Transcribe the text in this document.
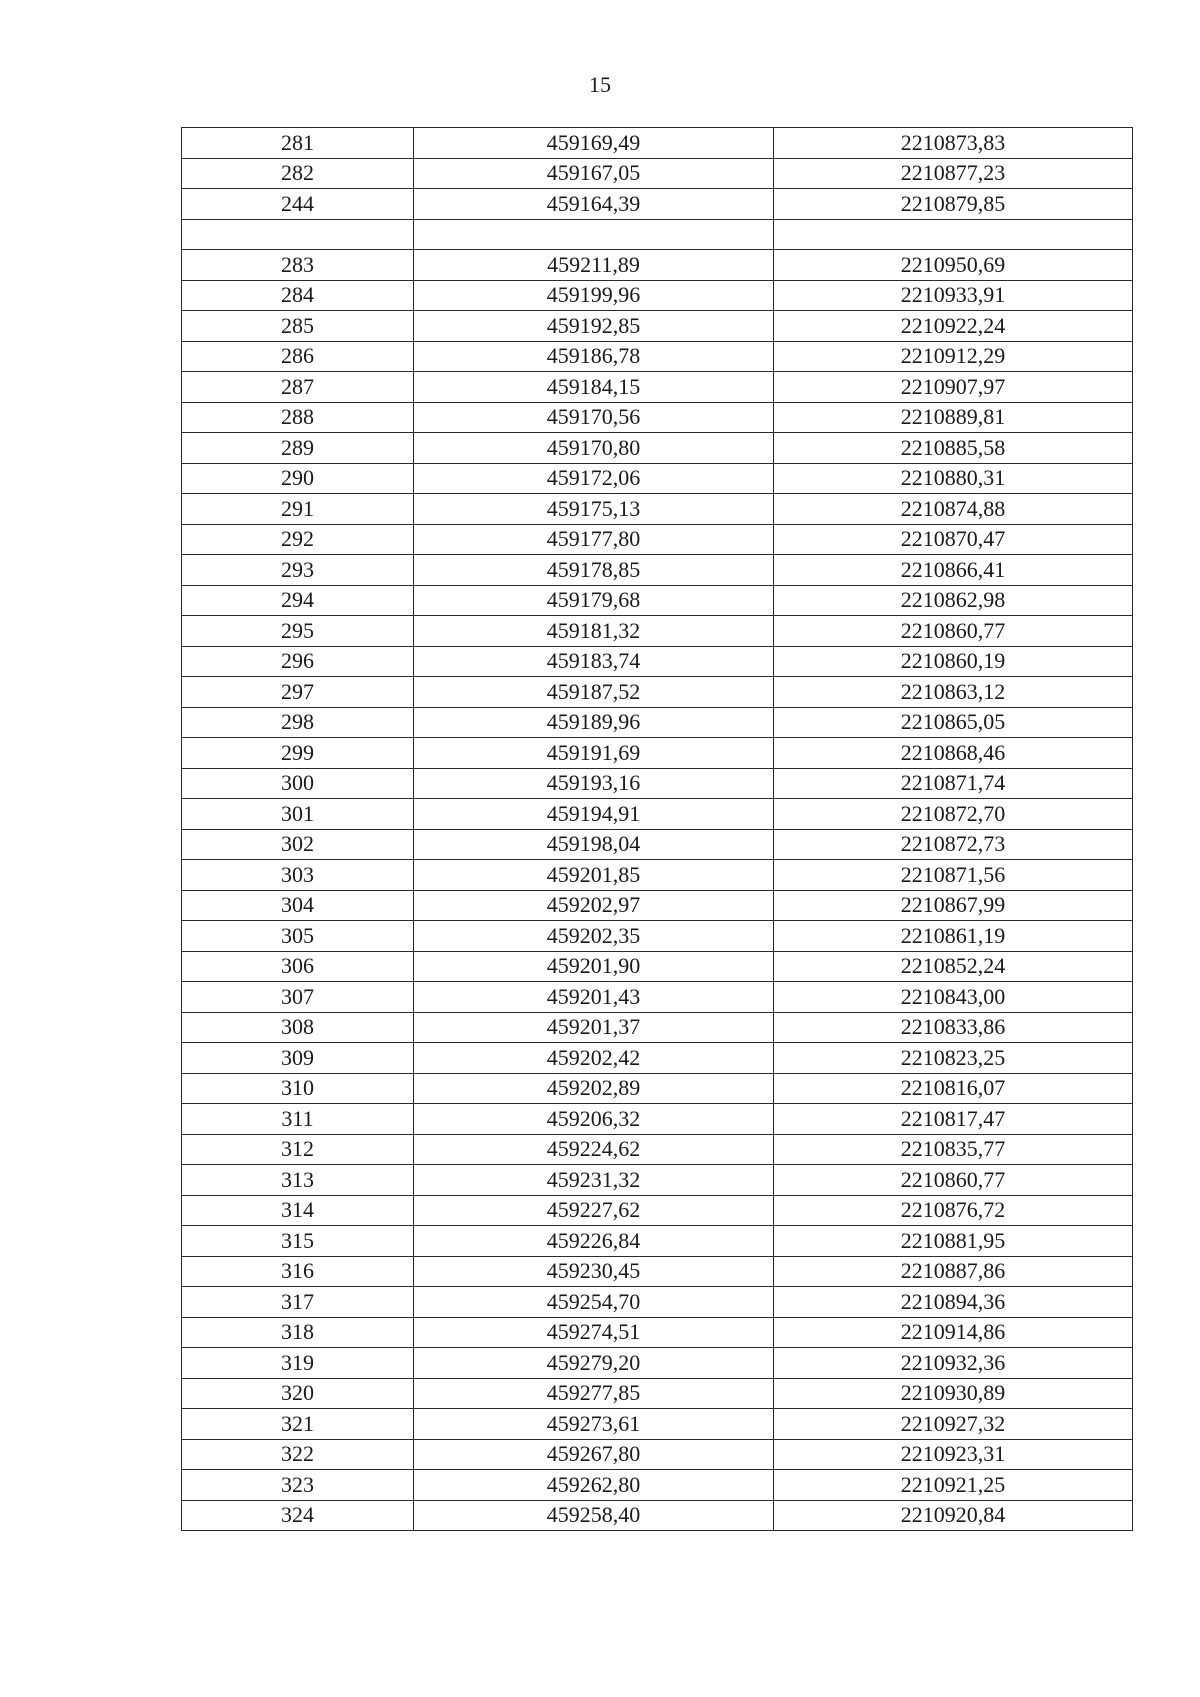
15
281	459169,49	2210873,83
282	459167,05	2210877,23
244	459164,39	2210879,85

283	459211,89	2210950,69
284	459199,96	2210933,91
285	459192,85	2210922,24
286	459186,78	2210912,29
287	459184,15	2210907,97
288	459170,56	2210889,81
289	459170,80	2210885,58
290	459172,06	2210880,31
291	459175,13	2210874,88
292	459177,80	2210870,47
293	459178,85	2210866,41
294	459179,68	2210862,98
295	459181,32	2210860,77
296	459183,74	2210860,19
297	459187,52	2210863,12
298	459189,96	2210865,05
299	459191,69	2210868,46
300	459193,16	2210871,74
301	459194,91	2210872,70
302	459198,04	2210872,73
303	459201,85	2210871,56
304	459202,97	2210867,99
305	459202,35	2210861,19
306	459201,90	2210852,24
307	459201,43	2210843,00
308	459201,37	2210833,86
309	459202,42	2210823,25
310	459202,89	2210816,07
311	459206,32	2210817,47
312	459224,62	2210835,77
313	459231,32	2210860,77
314	459227,62	2210876,72
315	459226,84	2210881,95
316	459230,45	2210887,86
317	459254,70	2210894,36
318	459274,51	2210914,86
319	459279,20	2210932,36
320	459277,85	2210930,89
321	459273,61	2210927,32
322	459267,80	2210923,31
323	459262,80	2210921,25
324	459258,40	2210920,84
